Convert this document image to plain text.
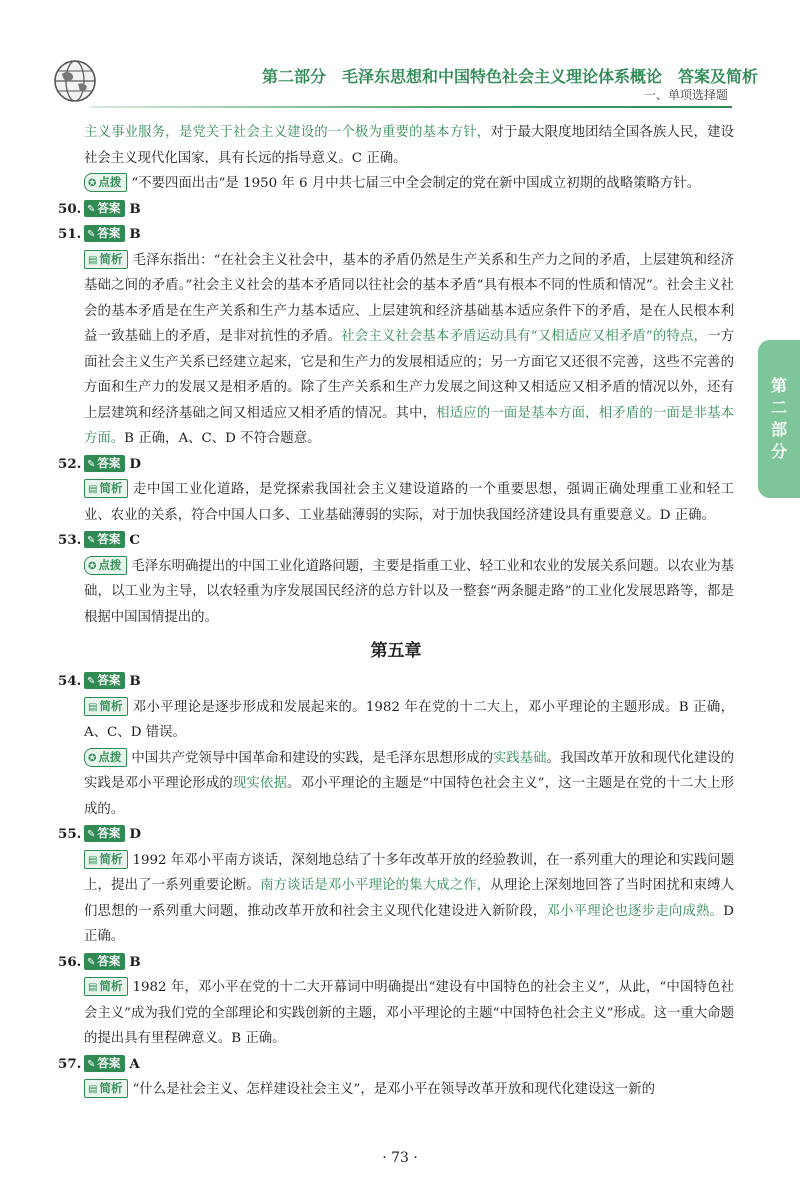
第二部分　毛泽东思想和中国特色社会主义理论体系概论　答案及简析
一、单项选择题
第
二
部
分
主义事业服务，是党关于社会主义建设的一个极为重要的基本方针，对于最大限度地团结全国各族人民，建设社会主义现代化国家，具有长远的指导意义。C 正确。
✪ 点拨 “不要四面出击”是 1950 年 6 月中共七届三中全会制定的党在新中国成立初期的战略策略方针。
50. ✎ 答案 B
51. ✎ 答案 B
▤ 简析 毛泽东指出：“在社会主义社会中，基本的矛盾仍然是生产关系和生产力之间的矛盾，上层建筑和经济基础之间的矛盾。”社会主义社会的基本矛盾同以往社会的基本矛盾“具有根本不同的性质和情况”。社会主义社会的基本矛盾是在生产关系和生产力基本适应、上层建筑和经济基础基本适应条件下的矛盾，是在人民根本利益一致基础上的矛盾，是非对抗性的矛盾。社会主义社会基本矛盾运动具有“又相适应又相矛盾”的特点，一方面社会主义生产关系已经建立起来，它是和生产力的发展相适应的；另一方面它又还很不完善，这些不完善的方面和生产力的发展又是相矛盾的。除了生产关系和生产力发展之间这种又相适应又相矛盾的情况以外，还有上层建筑和经济基础之间又相适应又相矛盾的情况。其中，相适应的一面是基本方面，相矛盾的一面是非基本方面。B 正确，A、C、D 不符合题意。
52. ✎ 答案 D
▤ 简析 走中国工业化道路，是党探索我国社会主义建设道路的一个重要思想，强调正确处理重工业和轻工业、农业的关系，符合中国人口多、工业基础薄弱的实际，对于加快我国经济建设具有重要意义。D 正确。
53. ✎ 答案 C
✪ 点拨 毛泽东明确提出的中国工业化道路问题，主要是指重工业、轻工业和农业的发展关系问题。以农业为基础，以工业为主导，以农轻重为序发展国民经济的总方针以及一整套“两条腿走路”的工业化发展思路等，都是根据中国国情提出的。
第五章
54. ✎ 答案 B
▤ 简析 邓小平理论是逐步形成和发展起来的。1982 年在党的十二大上，邓小平理论的主题形成。B 正确，A、C、D 错误。
✪ 点拨 中国共产党领导中国革命和建设的实践，是毛泽东思想形成的实践基础。我国改革开放和现代化建设的实践是邓小平理论形成的现实依据。邓小平理论的主题是“中国特色社会主义”，这一主题是在党的十二大上形成的。
55. ✎ 答案 D
▤ 简析 1992 年邓小平南方谈话，深刻地总结了十多年改革开放的经验教训，在一系列重大的理论和实践问题上，提出了一系列重要论断。南方谈话是邓小平理论的集大成之作，从理论上深刻地回答了当时困扰和束缚人们思想的一系列重大问题，推动改革开放和社会主义现代化建设进入新阶段，邓小平理论也逐步走向成熟。D 正确。
56. ✎ 答案 B
▤ 简析 1982 年，邓小平在党的十二大开幕词中明确提出“建设有中国特色的社会主义”，从此，“中国特色社会主义”成为我们党的全部理论和实践创新的主题，邓小平理论的主题“中国特色社会主义”形成。这一重大命题的提出具有里程碑意义。B 正确。
57. ✎ 答案 A
▤ 简析 “什么是社会主义、怎样建设社会主义”，是邓小平在领导改革开放和现代化建设这一新的
· 73 ·
